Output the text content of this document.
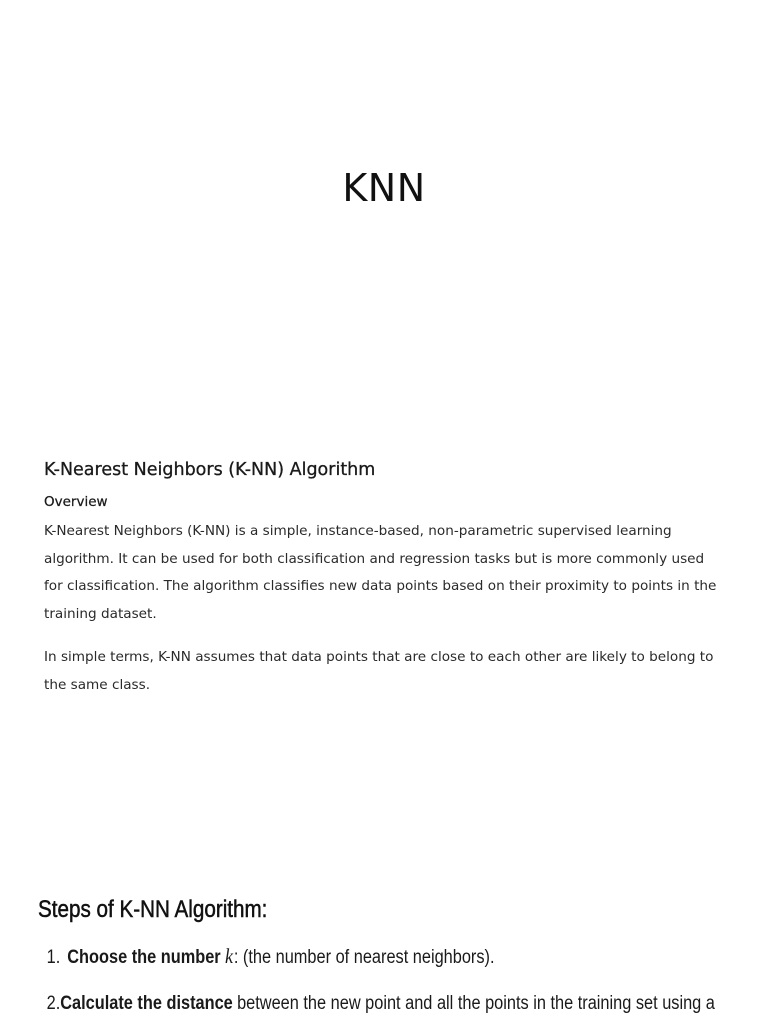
KNN
K-Nearest Neighbors (K-NN) Algorithm
Overview

K-Nearest Neighbors (K-NN) is a simple, instance-based, non-parametric supervised learning algorithm. It can be used for both classification and regression tasks but is more commonly used for classification. The algorithm classifies new data points based on their proximity to points in the training dataset.

In simple terms, K-NN assumes that data points that are close to each other are likely to belong to the same class.

Steps of K-NN Algorithm:
1. Choose the number k : (the number of nearest neighbors).
2. Calculate the distance between the new point and all the points in the training set using a
